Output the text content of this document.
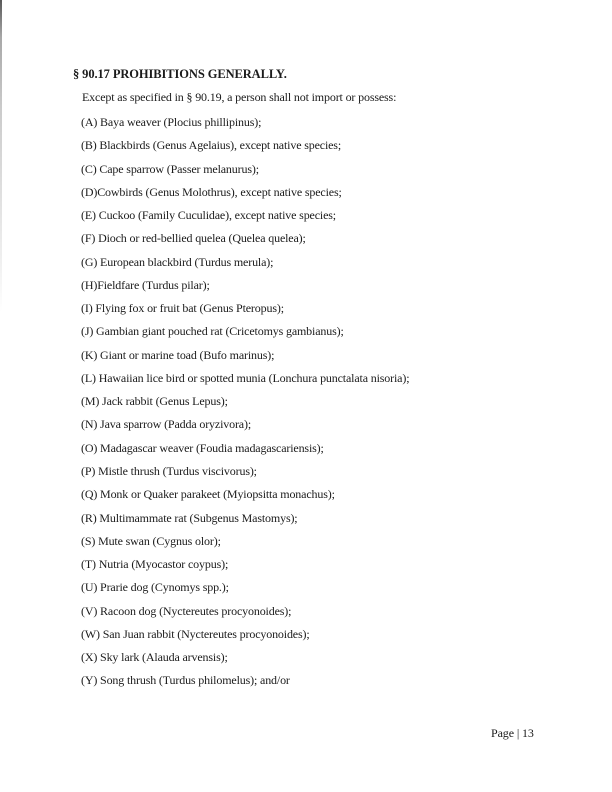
§ 90.17 PROHIBITIONS GENERALLY.
Except as specified in § 90.19, a person shall not import or possess:
(A) Baya weaver (Plocius phillipinus);
(B) Blackbirds (Genus Agelaius), except native species;
(C) Cape sparrow (Passer melanurus);
(D)Cowbirds (Genus Molothrus), except native species;
(E) Cuckoo (Family Cuculidae), except native species;
(F) Dioch or red-bellied quelea (Quelea quelea);
(G) European blackbird (Turdus merula);
(H)Fieldfare (Turdus pilar);
(I) Flying fox or fruit bat (Genus Pteropus);
(J) Gambian giant pouched rat (Cricetomys gambianus);
(K) Giant or marine toad (Bufo marinus);
(L) Hawaiian lice bird or spotted munia (Lonchura punctalata nisoria);
(M) Jack rabbit (Genus Lepus);
(N) Java sparrow (Padda oryzivora);
(O) Madagascar weaver (Foudia madagascariensis);
(P) Mistle thrush (Turdus viscivorus);
(Q) Monk or Quaker parakeet (Myiopsitta monachus);
(R) Multimammate rat (Subgenus Mastomys);
(S) Mute swan (Cygnus olor);
(T) Nutria (Myocastor coypus);
(U) Prarie dog (Cynomys spp.);
(V) Racoon dog (Nyctereutes procyonoides);
(W) San Juan rabbit (Nyctereutes procyonoides);
(X) Sky lark (Alauda arvensis);
(Y) Song thrush (Turdus philomelus); and/or
Page | 13
